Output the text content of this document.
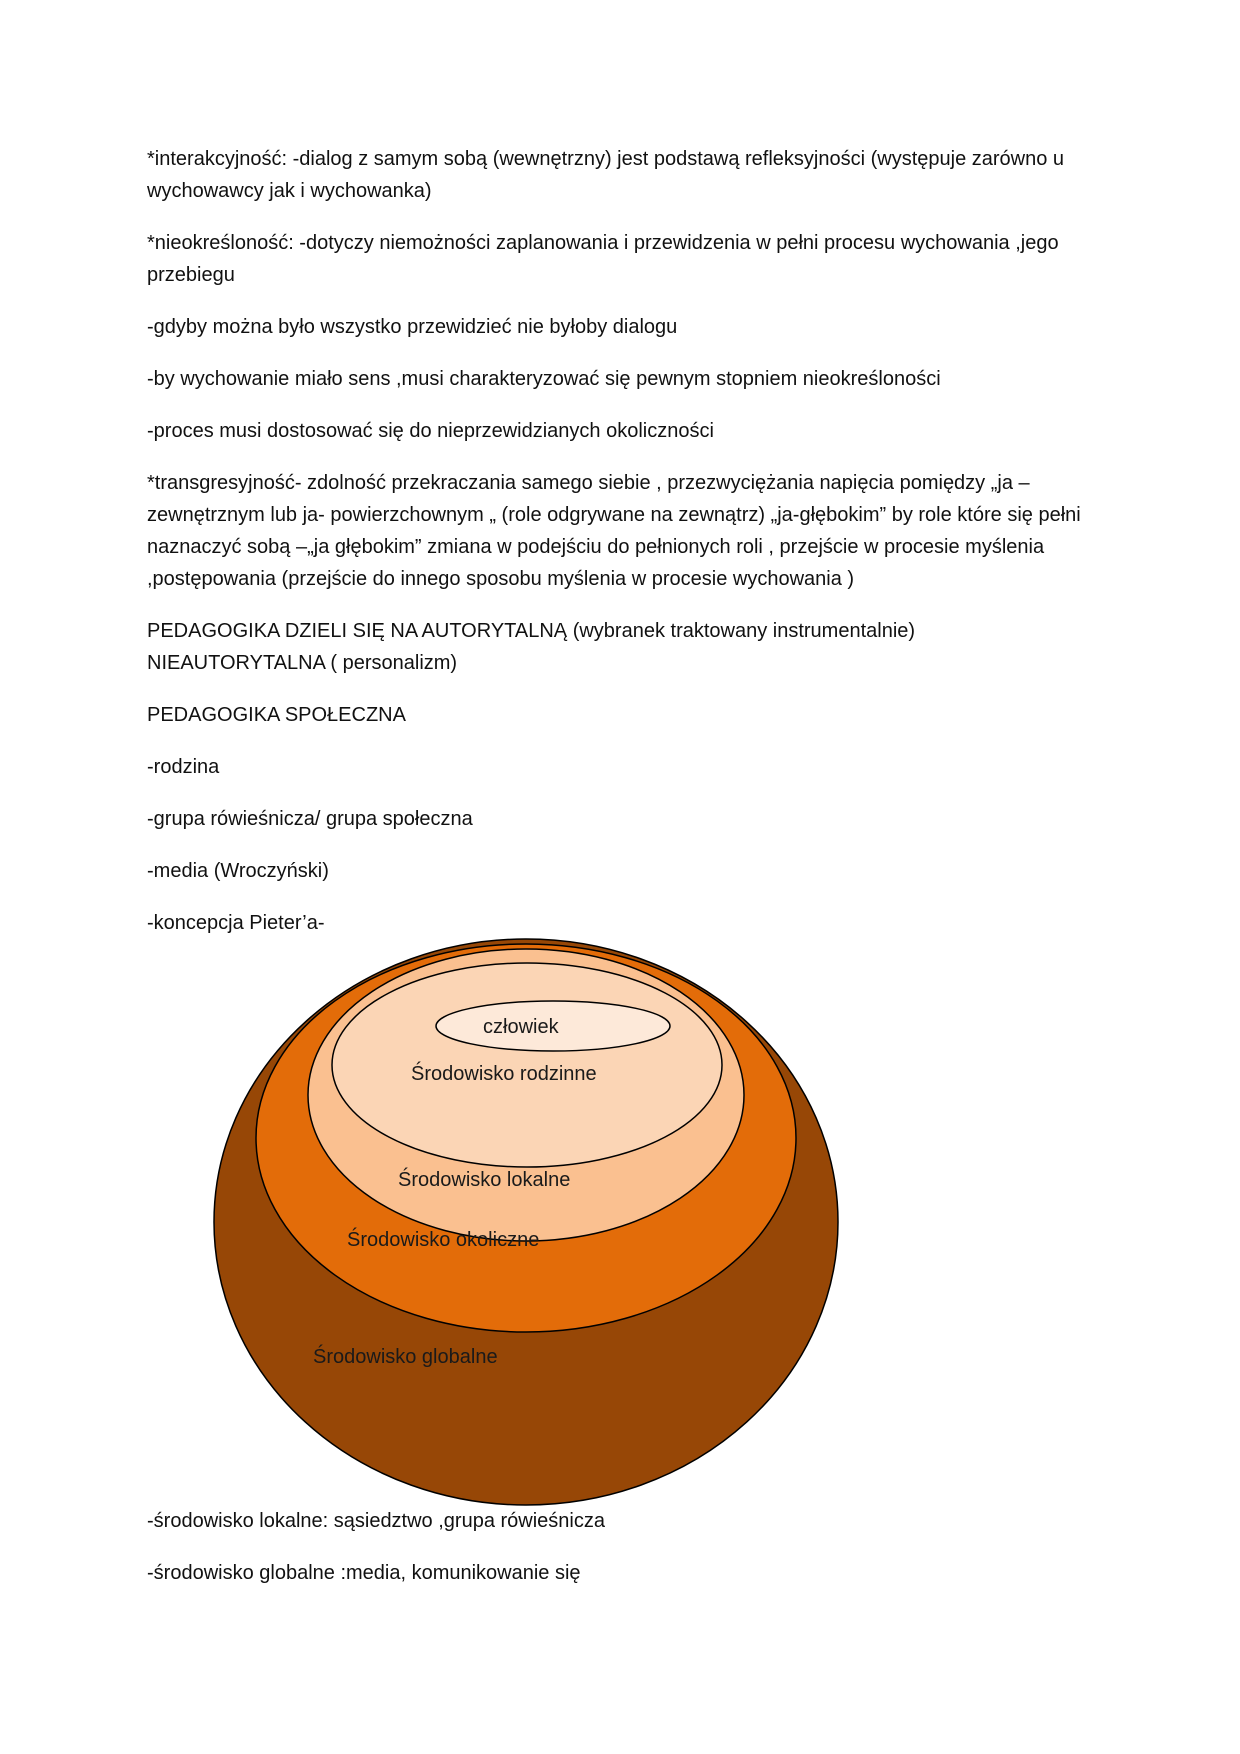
*interakcyjność: -dialog z samym sobą (wewnętrzny) jest podstawą refleksyjności (występuje zarówno u wychowawcy jak i wychowanka)

*nieokreśloność: -dotyczy niemożności zaplanowania i przewidzenia w pełni procesu wychowania ,jego przebiegu

-gdyby można było wszystko przewidzieć nie byłoby dialogu

-by wychowanie miało sens ,musi charakteryzować się pewnym stopniem nieokreśloności

-proces musi dostosować się do nieprzewidzianych okoliczności

*transgresyjność- zdolność przekraczania samego siebie , przezwyciężania napięcia pomiędzy „ja – zewnętrznym lub ja- powierzchownym „ (role odgrywane na zewnątrz) „ja-głębokim” by role które się pełni naznaczyć sobą –„ja głębokim” zmiana w podejściu do pełnionych roli , przejście w procesie myślenia ,postępowania (przejście do innego sposobu myślenia w procesie wychowania )

PEDAGOGIKA DZIELI SIĘ NA AUTORYTALNĄ (wybranek traktowany instrumentalnie) NIEAUTORYTALNA ( personalizm)

PEDAGOGIKA SPOŁECZNA

-rodzina

-grupa rówieśnicza/ grupa społeczna

-media (Wroczyński)

-koncepcja Pieter’a-

człowiek
Środowisko rodzinne
Środowisko lokalne
Środowisko okoliczne
Środowisko globalne

-środowisko lokalne: sąsiedztwo ,grupa rówieśnicza

-środowisko globalne :media, komunikowanie się
